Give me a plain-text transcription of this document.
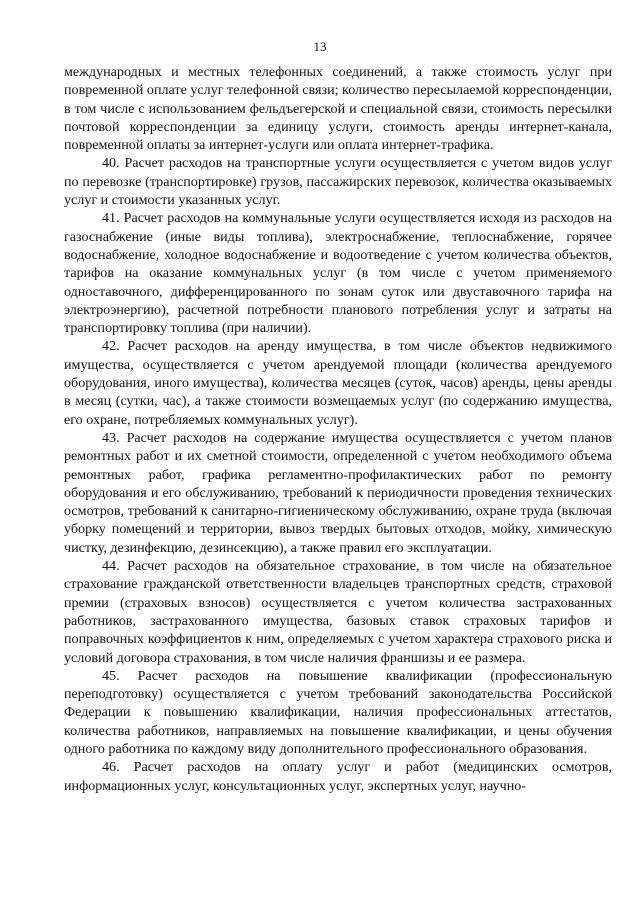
13

международных и местных телефонных соединений, а также стоимость услуг при повременной оплате услуг телефонной связи; количество пересылаемой корреспонденции, в том числе с использованием фельдъегерской и специальной связи, стоимость пересылки почтовой корреспонденции за единицу услуги, стоимость аренды интернет-канала, повременной оплаты за интернет-услуги или оплата интернет-трафика.

40. Расчет расходов на транспортные услуги осуществляется с учетом видов услуг по перевозке (транспортировке) грузов, пассажирских перевозок, количества оказываемых услуг и стоимости указанных услуг.

41. Расчет расходов на коммунальные услуги осуществляется исходя из расходов на газоснабжение (иные виды топлива), электроснабжение, теплоснабжение, горячее водоснабжение, холодное водоснабжение и водоотведение с учетом количества объектов, тарифов на оказание коммунальных услуг (в том числе с учетом применяемого одноставочного, дифференцированного по зонам суток или двуставочного тарифа на электроэнергию), расчетной потребности планового потребления услуг и затраты на транспортировку топлива (при наличии).

42. Расчет расходов на аренду имущества, в том числе объектов недвижимого имущества, осуществляется с учетом арендуемой площади (количества арендуемого оборудования, иного имущества), количества месяцев (суток, часов) аренды, цены аренды в месяц (сутки, час), а также стоимости возмещаемых услуг (по содержанию имущества, его охране, потребляемых коммунальных услуг).

43. Расчет расходов на содержание имущества осуществляется с учетом планов ремонтных работ и их сметной стоимости, определенной с учетом необходимого объема ремонтных работ, графика регламентно-профилактических работ по ремонту оборудования и его обслуживанию, требований к периодичности проведения технических осмотров, требований к санитарно-гигиеническому обслуживанию, охране труда (включая уборку помещений и территории, вывоз твердых бытовых отходов, мойку, химическую чистку, дезинфекцию, дезинсекцию), а также правил его эксплуатации.

44. Расчет расходов на обязательное страхование, в том числе на обязательное страхование гражданской ответственности владельцев транспортных средств, страховой премии (страховых взносов) осуществляется с учетом количества застрахованных работников, застрахованного имущества, базовых ставок страховых тарифов и поправочных коэффициентов к ним, определяемых с учетом характера страхового риска и условий договора страхования, в том числе наличия франшизы и ее размера.

45. Расчет расходов на повышение квалификации (профессиональную переподготовку) осуществляется с учетом требований законодательства Российской Федерации к повышению квалификации, наличия профессиональных аттестатов, количества работников, направляемых на повышение квалификации, и цены обучения одного работника по каждому виду дополнительного профессионального образования.

46. Расчет расходов на оплату услуг и работ (медицинских осмотров, информационных услуг, консультационных услуг, экспертных услуг, научно-
